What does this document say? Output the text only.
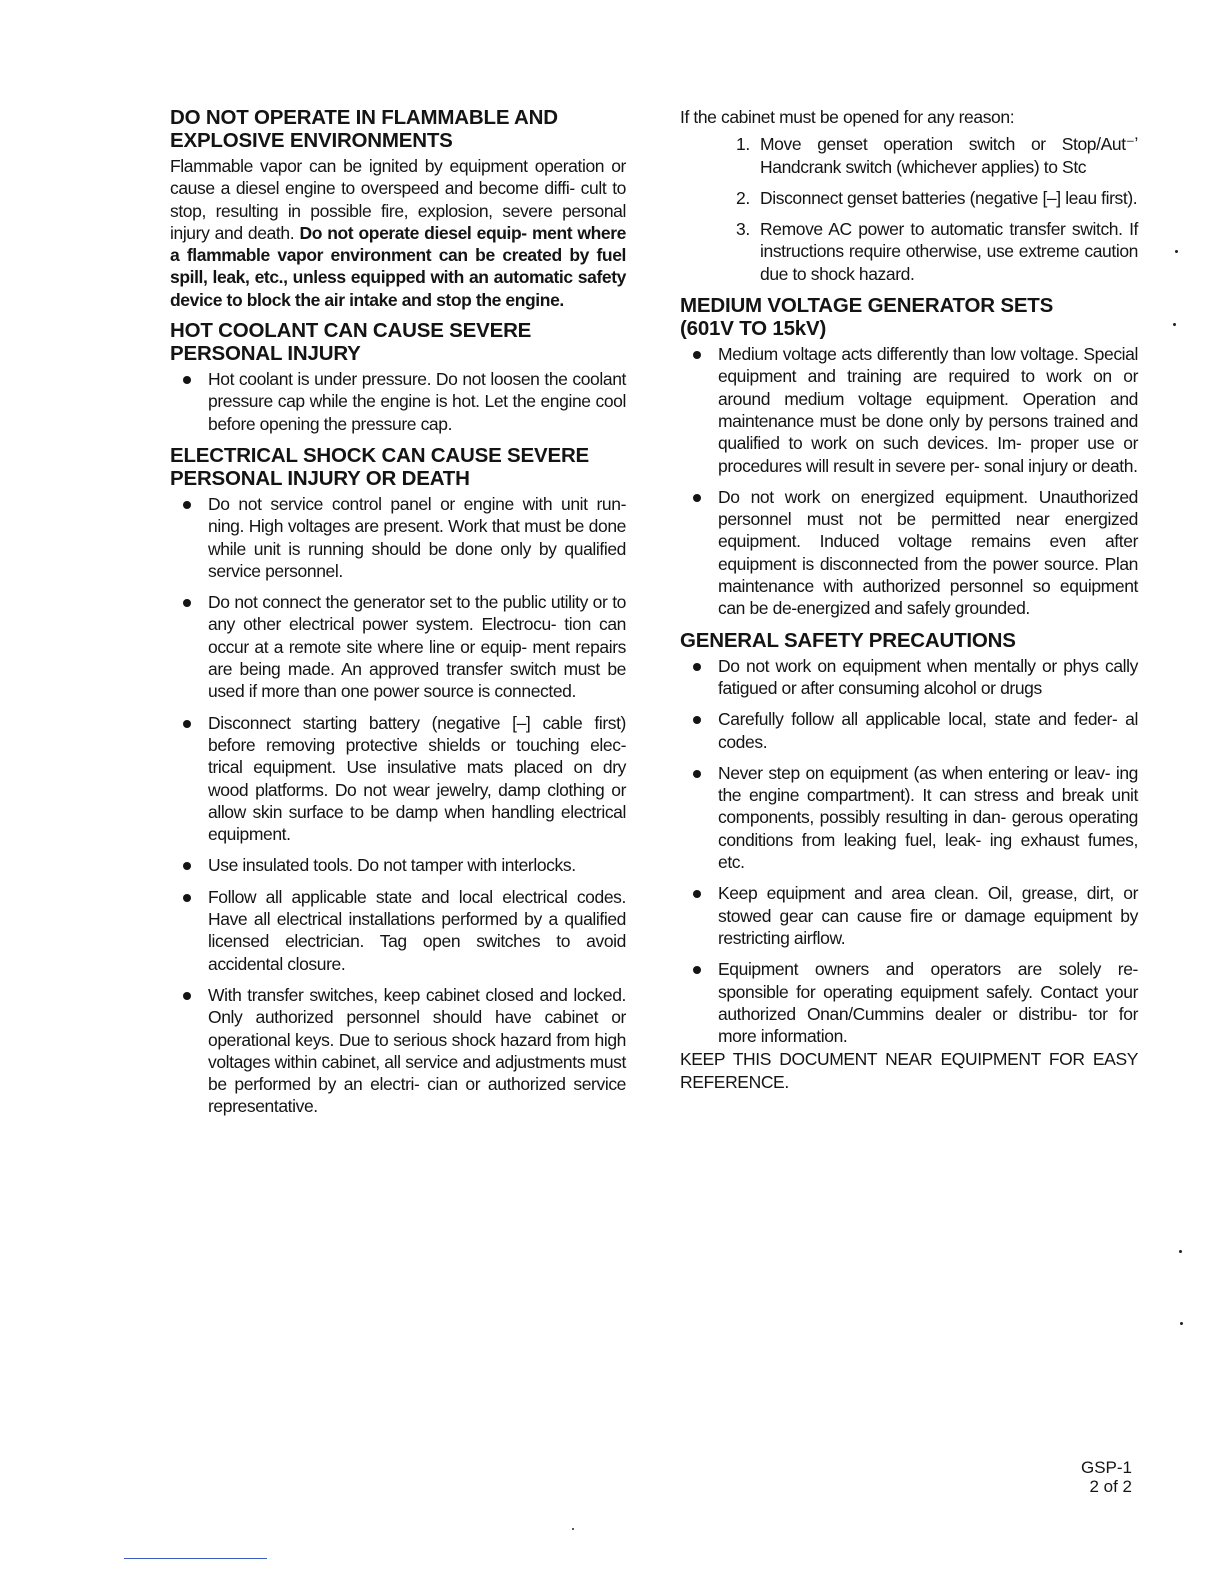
DO NOT OPERATE IN FLAMMABLE AND
EXPLOSIVE ENVIRONMENTS

Flammable vapor can be ignited by equipment operation or cause a diesel engine to overspeed and become diffi- cult to stop, resulting in possible fire, explosion, severe personal injury and death. Do not operate diesel equip- ment where a flammable vapor environment can be created by fuel spill, leak, etc., unless equipped with an automatic safety device to block the air intake and stop the engine.

HOT COOLANT CAN CAUSE SEVERE
PERSONAL INJURY
Hot coolant is under pressure. Do not loosen the coolant pressure cap while the engine is hot. Let the engine cool before opening the pressure cap.
ELECTRICAL SHOCK CAN CAUSE SEVERE
PERSONAL INJURY OR DEATH
Do not service control panel or engine with unit run- ning. High voltages are present. Work that must be done while unit is running should be done only by qualified service personnel.
Do not connect the generator set to the public utility or to any other electrical power system. Electrocu- tion can occur at a remote site where line or equip- ment repairs are being made. An approved transfer switch must be used if more than one power source is connected.
Disconnect starting battery (negative [–] cable first) before removing protective shields or touching elec- trical equipment. Use insulative mats placed on dry wood platforms. Do not wear jewelry, damp clothing or allow skin surface to be damp when handling electrical equipment.
Use insulated tools. Do not tamper with interlocks.
Follow all applicable state and local electrical codes. Have all electrical installations performed by a qualified licensed electrician. Tag open switches to avoid accidental closure.
With transfer switches, keep cabinet closed and locked. Only authorized personnel should have cabinet or operational keys. Due to serious shock hazard from high voltages within cabinet, all service and adjustments must be performed by an electri- cian or authorized service representative.

If the cabinet must be opened for any reason:

1. Move genset operation switch or Stop/Aut⁻ʼ Handcrank switch (whichever applies) to Stc
2. Disconnect genset batteries (negative [–] leau first).
3. Remove AC power to automatic transfer switch. If instructions require otherwise, use extreme caution due to shock hazard.
MEDIUM VOLTAGE GENERATOR SETS
(601V TO 15kV)
Medium voltage acts differently than low voltage. Special equipment and training are required to work on or around medium voltage equipment. Operation and maintenance must be done only by persons trained and qualified to work on such devices. Im- proper use or procedures will result in severe per- sonal injury or death.
Do not work on energized equipment. Unauthorized personnel must not be permitted near energized equipment. Induced voltage remains even after equipment is disconnected from the power source. Plan maintenance with authorized personnel so equipment can be de-energized and safely grounded.
GENERAL SAFETY PRECAUTIONS
Do not work on equipment when mentally or phys cally fatigued or after consuming alcohol or drugs
Carefully follow all applicable local, state and feder- al codes.
Never step on equipment (as when entering or leav- ing the engine compartment). It can stress and break unit components, possibly resulting in dan- gerous operating conditions from leaking fuel, leak- ing exhaust fumes, etc.
Keep equipment and area clean. Oil, grease, dirt, or stowed gear can cause fire or damage equipment by restricting airflow.
Equipment owners and operators are solely re- sponsible for operating equipment safely. Contact your authorized Onan/Cummins dealer or distribu- tor for more information.

KEEP THIS DOCUMENT NEAR EQUIPMENT FOR EASY REFERENCE.

GSP-1
2 of 2
